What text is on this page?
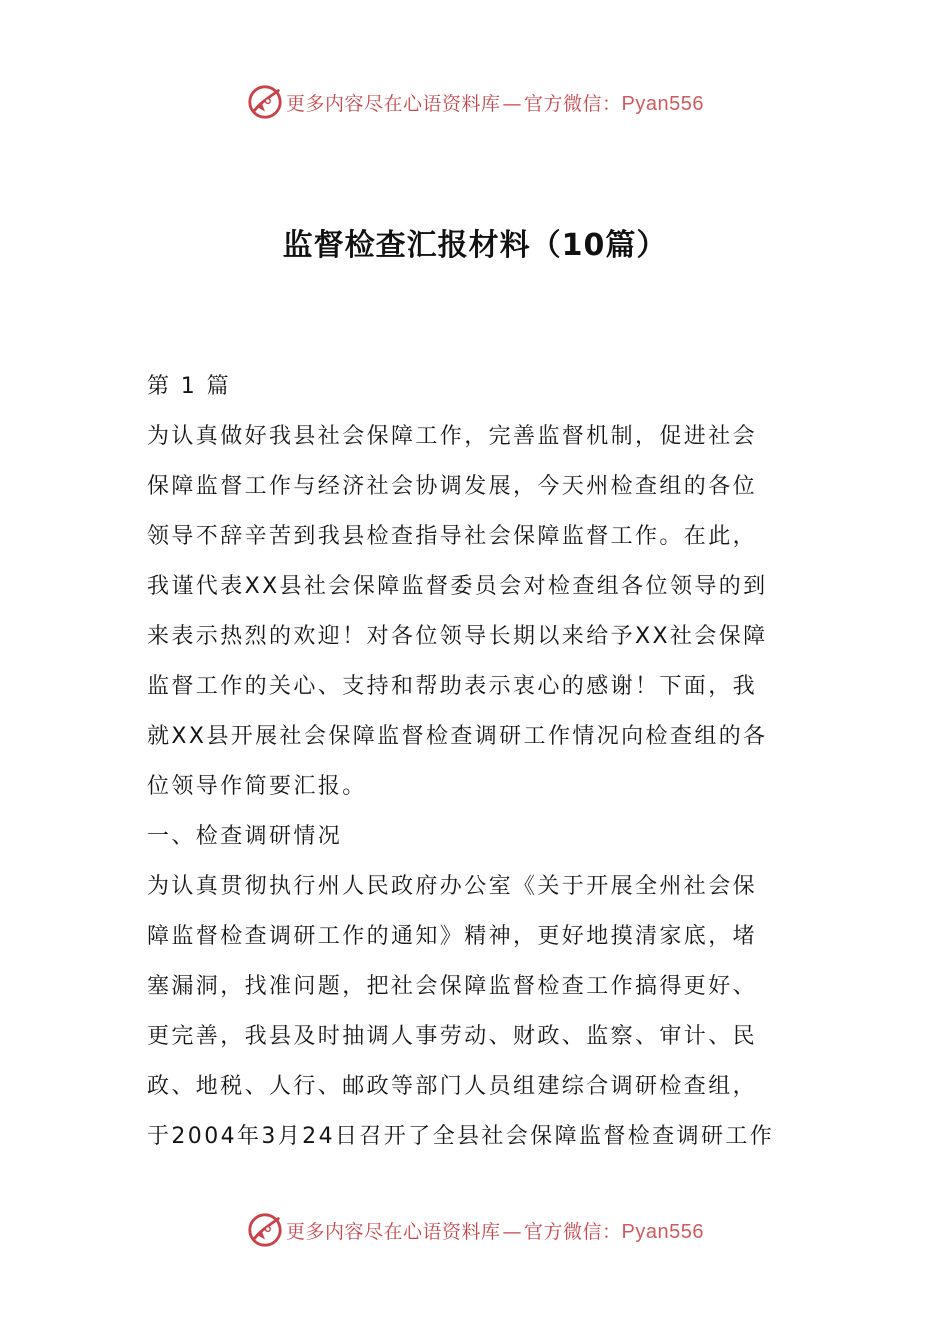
更多内容尽在心语资料库 — 官方微信：Pyan556
监督检查汇报材料（10篇）

第 1 篇

为认真做好我县社会保障工作，完善监督机制，促进社会
保障监督工作与经济社会协调发展，今天州检查组的各位
领导不辞辛苦到我县检查指导社会保障监督工作。在此，
我谨代表XX县社会保障监督委员会对检查组各位领导的到
来表示热烈的欢迎！对各位领导长期以来给予XX社会保障
监督工作的关心、支持和帮助表示衷心的感谢！下面，我
就XX县开展社会保障监督检查调研工作情况向检查组的各
位领导作简要汇报。

一、检查调研情况

为认真贯彻执行州人民政府办公室《关于开展全州社会保
障监督检查调研工作的通知》精神，更好地摸清家底，堵
塞漏洞，找准问题，把社会保障监督检查工作搞得更好、
更完善，我县及时抽调人事劳动、财政、监察、审计、民
政、地税、人行、邮政等部门人员组建综合调研检查组，
于2004年3月24日召开了全县社会保障监督检查调研工作

更多内容尽在心语资料库 — 官方微信：Pyan556
